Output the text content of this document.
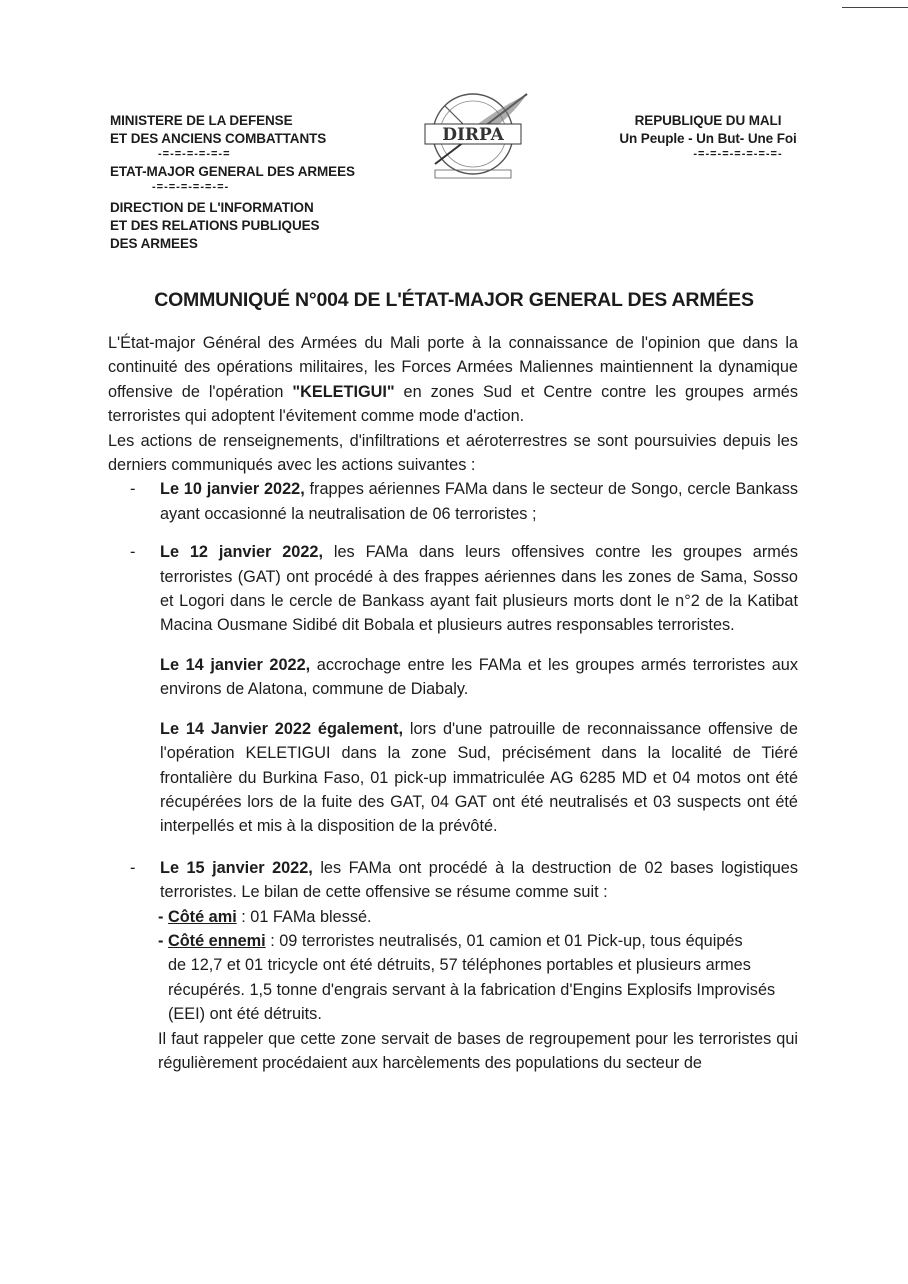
MINISTERE DE LA DEFENSE
ET DES ANCIENS COMBATTANTS
-=-=-=-=-=-=
ETAT-MAJOR GENERAL DES ARMEES
-=-=-=-=-=-=-
DIRECTION DE L'INFORMATION
ET DES RELATIONS PUBLIQUES
DES ARMEES
DIRPA
REPUBLIQUE DU MALI
Un Peuple - Un But- Une Foi
-=-=-=-=-=-=-=-
COMMUNIQUÉ N°004 DE L'ÉTAT-MAJOR GENERAL DES ARMÉES

L'État-major Général des Armées du Mali porte à la connaissance de l'opinion que dans la continuité des opérations militaires, les Forces Armées Maliennes maintiennent la dynamique offensive de l'opération "KELETIGUI" en zones Sud et Centre contre les groupes armés terroristes qui adoptent l'évitement comme mode d'action.

Les actions de renseignements, d'infiltrations et aéroterrestres se sont poursuivies depuis les derniers communiqués avec les actions suivantes :

- Le 10 janvier 2022, frappes aériennes FAMa dans le secteur de Songo, cercle Bankass ayant occasionné la neutralisation de 06 terroristes ;
- Le 12 janvier 2022, les FAMa dans leurs offensives contre les groupes armés terroristes (GAT) ont procédé à des frappes aériennes dans les zones de Sama, Sosso et Logori dans le cercle de Bankass ayant fait plusieurs morts dont le n°2 de la Katibat Macina Ousmane Sidibé dit Bobala et plusieurs autres responsables terroristes.
Le 14 janvier 2022, accrochage entre les FAMa et les groupes armés terroristes aux environs de Alatona, commune de Diabaly.
Le 14 Janvier 2022 également, lors d'une patrouille de reconnaissance offensive de l'opération KELETIGUI dans la zone Sud, précisément dans la localité de Tiéré frontalière du Burkina Faso, 01 pick-up immatriculée AG 6285 MD et 04 motos ont été récupérées lors de la fuite des GAT, 04 GAT ont été neutralisés et 03 suspects ont été interpellés et mis à la disposition de la prévôté.
- Le 15 janvier 2022, les FAMa ont procédé à la destruction de 02 bases logistiques terroristes. Le bilan de cette offensive se résume comme suit :
- Côté ami : 01 FAMa blessé.
- Côté ennemi : 09 terroristes neutralisés, 01 camion et 01 Pick-up, tous équipés
de 12,7 et 01 tricycle ont été détruits, 57 téléphones portables et plusieurs armes récupérés. 1,5 tonne d'engrais servant à la fabrication d'Engins Explosifs Improvisés (EEI) ont été détruits.

Il faut rappeler que cette zone servait de bases de regroupement pour les terroristes qui régulièrement procédaient aux harcèlements des populations du secteur de
